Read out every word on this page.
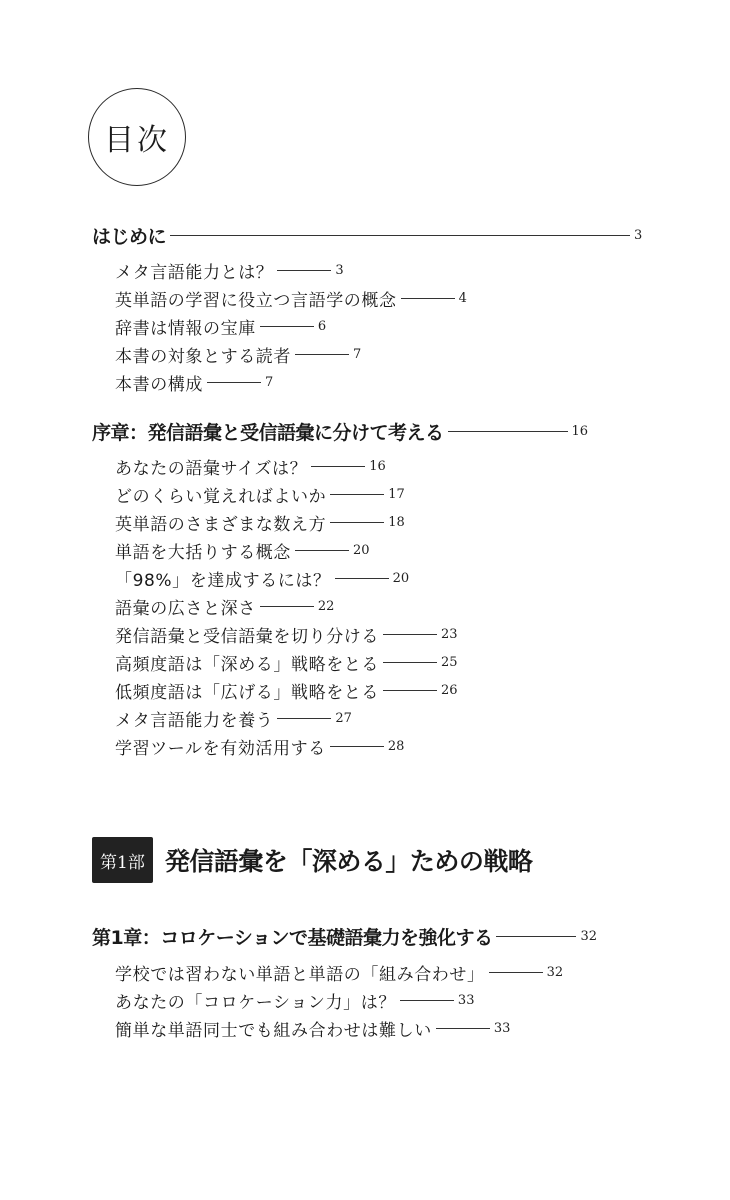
目次
はじめに	3
メタ言語能力とは？	3
英単語の学習に役立つ言語学の概念	4
辞書は情報の宝庫	6
本書の対象とする読者	7
本書の構成	7
序章：発信語彙と受信語彙に分けて考える	16
あなたの語彙サイズは？	16
どのくらい覚えればよいか	17
英単語のさまざまな数え方	18
単語を大括りする概念	20
「98%」を達成するには？	20
語彙の広さと深さ	22
発信語彙と受信語彙を切り分ける	23
高頻度語は「深める」戦略をとる	25
低頻度語は「広げる」戦略をとる	26
メタ言語能力を養う	27
学習ツールを有効活用する	28
第1部 発信語彙を「深める」ための戦略
第1章：コロケーションで基礎語彙力を強化する	32
学校では習わない単語と単語の「組み合わせ」	32
あなたの「コロケーション力」は？	33
簡単な単語同士でも組み合わせは難しい	33
